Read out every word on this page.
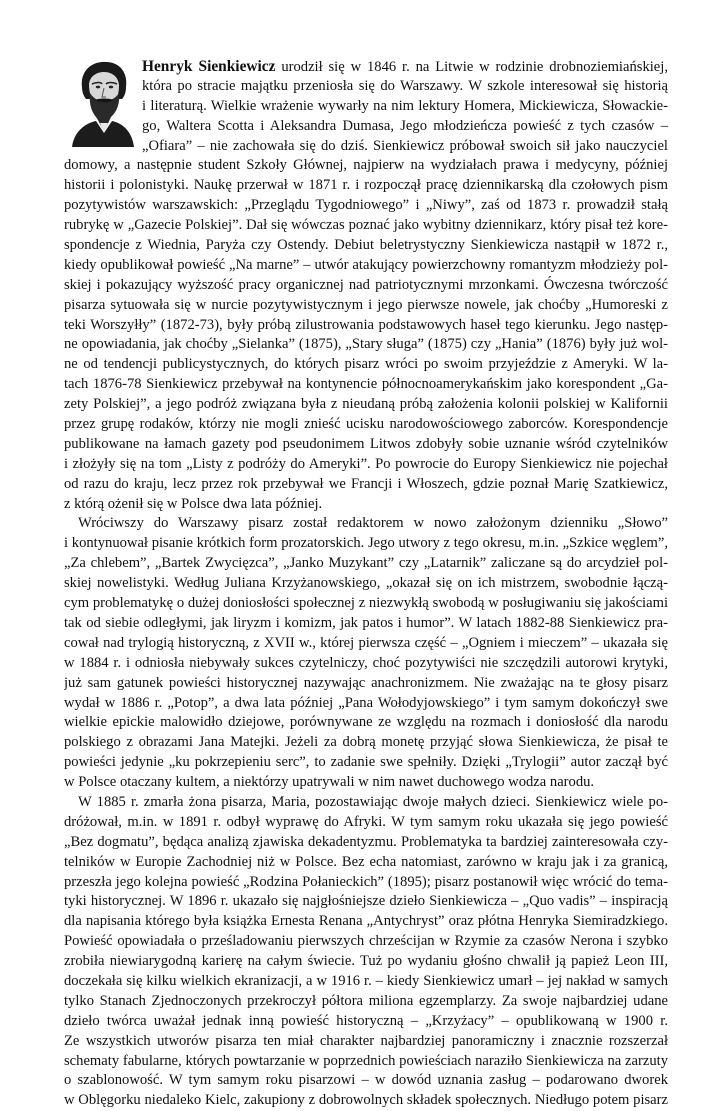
Henryk Sienkiewicz urodził się w 1846 r. na Litwie w rodzinie drobnoziemiańskiej,
która po stracie majątku przeniosła się do Warszawy. W szkole interesował się historią
i literaturą. Wielkie wrażenie wywarły na nim lektury Homera, Mickiewicza, Słowackie-
go, Waltera Scotta i Aleksandra Dumasa, Jego młodzieńcza powieść z tych czasów –
„Ofiara” – nie zachowała się do dziś. Sienkiewicz próbował swoich sił jako nauczyciel
domowy, a następnie student Szkoły Głównej, najpierw na wydziałach prawa i medycyny, później
historii i polonistyki. Naukę przerwał w 1871 r. i rozpoczął pracę dziennikarską dla czołowych pism
pozytywistów warszawskich: „Przeglądu Tygodniowego” i „Niwy”, zaś od 1873 r. prowadził stałą
rubrykę w „Gazecie Polskiej”. Dał się wówczas poznać jako wybitny dziennikarz, który pisał też kore-
spondencje z Wiednia, Paryża czy Ostendy. Debiut beletrystyczny Sienkiewicza nastąpił w 1872 r.,
kiedy opublikował powieść „Na marne” – utwór atakujący powierzchowny romantyzm młodzieży pol-
skiej i pokazujący wyższość pracy organicznej nad patriotycznymi mrzonkami. Ówczesna twórczość
pisarza sytuowała się w nurcie pozytywistycznym i jego pierwsze nowele, jak choćby „Humoreski z
teki Worszyłły” (1872-73), były próbą zilustrowania podstawowych haseł tego kierunku. Jego następ-
ne opowiadania, jak choćby „Sielanka” (1875), „Stary sługa” (1875) czy „Hania” (1876) były już wol-
ne od tendencji publicystycznych, do których pisarz wróci po swoim przyjeździe z Ameryki. W la-
tach 1876-78 Sienkiewicz przebywał na kontynencie północnoamerykańskim jako korespondent „Ga-
zety Polskiej”, a jego podróż związana była z nieudaną próbą założenia kolonii polskiej w Kalifornii
przez grupę rodaków, którzy nie mogli znieść ucisku narodowościowego zaborców. Korespondencje
publikowane na łamach gazety pod pseudonimem Litwos zdobyły sobie uznanie wśród czytelników
i złożyły się na tom „Listy z podróży do Ameryki”. Po powrocie do Europy Sienkiewicz nie pojechał
od razu do kraju, lecz przez rok przebywał we Francji i Włoszech, gdzie poznał Marię Szatkiewicz,
z którą ożenił się w Polsce dwa lata później.
Wróciwszy do Warszawy pisarz został redaktorem w nowo założonym dzienniku „Słowo”
i kontynuował pisanie krótkich form prozatorskich. Jego utwory z tego okresu, m.in. „Szkice węglem”,
„Za chlebem”, „Bartek Zwycięzca”, „Janko Muzykant” czy „Latarnik” zaliczane są do arcydzieł pol-
skiej nowelistyki. Według Juliana Krzyżanowskiego, „okazał się on ich mistrzem, swobodnie łączą-
cym problematykę o dużej doniosłości społecznej z niezwykłą swobodą w posługiwaniu się jakościami
tak od siebie odległymi, jak liryzm i komizm, jak patos i humor”. W latach 1882-88 Sienkiewicz pra-
cował nad trylogią historyczną, z XVII w., której pierwsza część – „Ogniem i mieczem” – ukazała się
w 1884 r. i odniosła niebywały sukces czytelniczy, choć pozytywiści nie szczędzili autorowi krytyki,
już sam gatunek powieści historycznej nazywając anachronizmem. Nie zważając na te głosy pisarz
wydał w 1886 r. „Potop”, a dwa lata później „Pana Wołodyjowskiego” i tym samym dokończył swe
wielkie epickie malowidło dziejowe, porównywane ze względu na rozmach i doniosłość dla narodu
polskiego z obrazami Jana Matejki. Jeżeli za dobrą monetę przyjąć słowa Sienkiewicza, że pisał te
powieści jedynie „ku pokrzepieniu serc”, to zadanie swe spełniły. Dzięki „Trylogii” autor zaczął być
w Polsce otaczany kultem, a niektórzy upatrywali w nim nawet duchowego wodza narodu.
W 1885 r. zmarła żona pisarza, Maria, pozostawiając dwoje małych dzieci. Sienkiewicz wiele po-
dróżował, m.in. w 1891 r. odbył wyprawę do Afryki. W tym samym roku ukazała się jego powieść
„Bez dogmatu”, będąca analizą zjawiska dekadentyzmu. Problematyka ta bardziej zainteresowała czy-
telników w Europie Zachodniej niż w Polsce. Bez echa natomiast, zarówno w kraju jak i za granicą,
przeszła jego kolejna powieść „Rodzina Połanieckich” (1895); pisarz postanowił więc wrócić do tema-
tyki historycznej. W 1896 r. ukazało się najgłośniejsze dzieło Sienkiewicza – „Quo vadis” – inspiracją
dla napisania którego była książka Ernesta Renana „Antychryst” oraz płótna Henryka Siemiradzkiego.
Powieść opowiadała o prześladowaniu pierwszych chrześcijan w Rzymie za czasów Nerona i szybko
zrobiła niewiarygodną karierę na całym świecie. Tuż po wydaniu głośno chwalił ją papież Leon III,
doczekała się kilku wielkich ekranizacji, a w 1916 r. – kiedy Sienkiewicz umarł – jej nakład w samych
tylko Stanach Zjednoczonych przekroczył półtora miliona egzemplarzy. Za swoje najbardziej udane
dzieło twórca uważał jednak inną powieść historyczną – „Krzyżacy” – opublikowaną w 1900 r.
Ze wszystkich utworów pisarza ten miał charakter najbardziej panoramiczny i znacznie rozszerzał
schematy fabularne, których powtarzanie w poprzednich powieściach naraziło Sienkiewicza na zarzuty
o szablonowość. W tym samym roku pisarzowi – w dowód uznania zasług – podarowano dworek
w Oblęgorku niedaleko Kielc, zakupiony z dobrowolnych składek społecznych. Niedługo potem pisarz
